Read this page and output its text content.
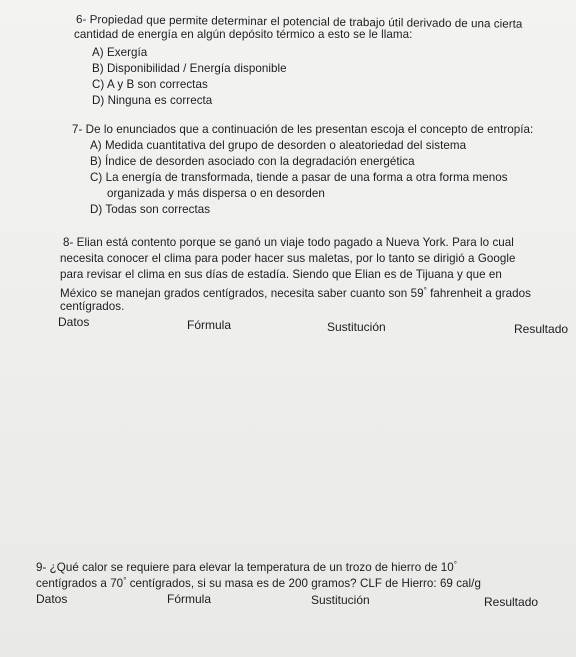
6- Propiedad que permite determinar el potencial de trabajo útil derivado de una cierta
cantidad de energía en algún depósito térmico a esto se le llama:
A) Exergía
B) Disponibilidad / Energía disponible
C) A y B son correctas
D) Ninguna es correcta
7- De lo enunciados que a continuación de les presentan escoja el concepto de entropía:
A) Medida cuantitativa del grupo de desorden o aleatoriedad del sistema
B) Índice de desorden asociado con la degradación energética
C) La energía de transformada, tiende a pasar de una forma a otra forma menos
organizada y más dispersa o en desorden
D) Todas son correctas
8- Elian está contento porque se ganó un viaje todo pagado a Nueva York. Para lo cual
necesita conocer el clima para poder hacer sus maletas, por lo tanto se dirigió a Google
para revisar el clima en sus días de estadía. Siendo que Elian es de Tijuana y que en
México se manejan grados centígrados, necesita saber cuanto son 59° fahrenheit a grados
centígrados.
Datos	Fórmula	Sustitución	Resultado
9- ¿Qué calor se requiere para elevar la temperatura de un trozo de hierro de 10°
centígrados a 70° centígrados, si su masa es de 200 gramos? CLF de Hierro: 69 cal/g
Datos	Fórmula	Sustitución	Resultado
